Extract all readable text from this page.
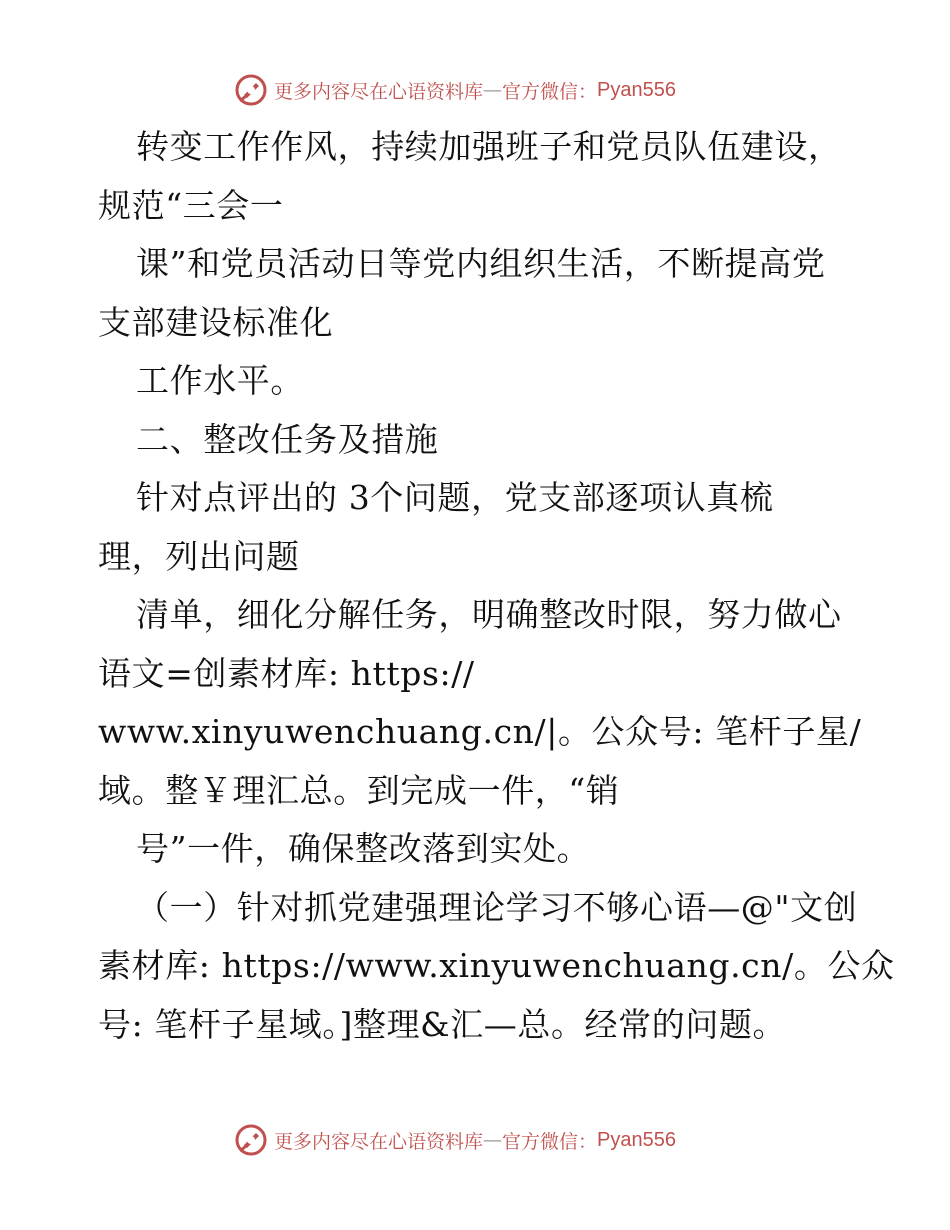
更多内容尽在心语资料库 — 官方微信： Pyan556
转变工作作风，持续加强班子和党员队伍建设，
规范“三会一
课”和党员活动日等党内组织生活，不断提高党
支部建设标准化
工作水平。
二、整改任务及措施
针对点评出的 3个问题，党支部逐项认真梳
理，列出问题
清单，细化分解任务，明确整改时限，努力做心
语文=创素材库: https://
www.xinyuwenchuang.cn/|。公众号: 笔杆子星/
域。整￥理汇总。到完成一件，“销
号”一件，确保整改落到实处。
（一）针对抓党建强理论学习不够心语—@"文创
素材库: https://www.xinyuwenchuang.cn/。公众
号: 笔杆子星域。]整理&汇—总。经常的问题。
更多内容尽在心语资料库 — 官方微信： Pyan556
